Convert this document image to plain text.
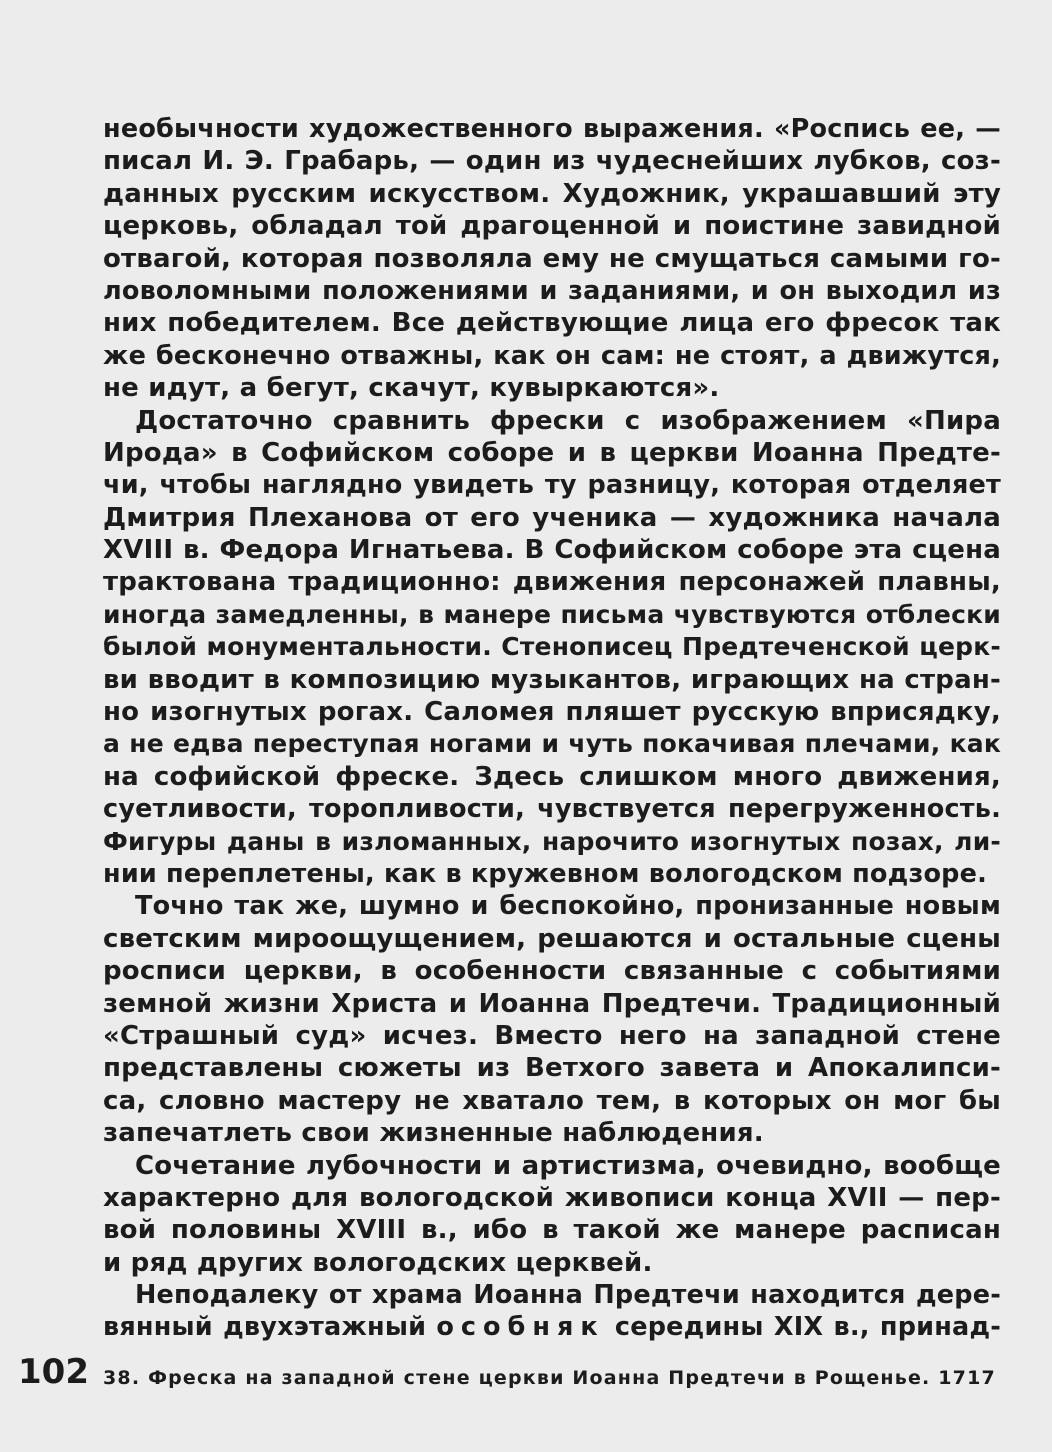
необычности художественного выражения. «Роспись ее, —
писал И. Э. Грабарь, — один из чудеснейших лубков, соз-
данных русским искусством. Художник, украшавший эту
церковь, обладал той драгоценной и поистине завидной
отвагой, которая позволяла ему не смущаться самыми го-
ловоломными положениями и заданиями, и он выходил из
них победителем. Все действующие лица его фресок так
же бесконечно отважны, как он сам: не стоят, а движутся,
не идут, а бегут, скачут, кувыркаются».
Достаточно сравнить фрески с изображением «Пира
Ирода» в Софийском соборе и в церкви Иоанна Предте-
чи, чтобы наглядно увидеть ту разницу, которая отделяет
Дмитрия Плеханова от его ученика — художника начала
XVIII в. Федора Игнатьева. В Софийском соборе эта сцена
трактована традиционно: движения персонажей плавны,
иногда замедленны, в манере письма чувствуются отблески
былой монументальности. Стенописец Предтеченской церк-
ви вводит в композицию музыкантов, играющих на стран-
но изогнутых рогах. Саломея пляшет русскую вприсядку,
а не едва переступая ногами и чуть покачивая плечами, как
на софийской фреске. Здесь слишком много движения,
суетливости, торопливости, чувствуется перегруженность.
Фигуры даны в изломанных, нарочито изогнутых позах, ли-
нии переплетены, как в кружевном вологодском подзоре.
Точно так же, шумно и беспокойно, пронизанные новым
светским мироощущением, решаются и остальные сцены
росписи церкви, в особенности связанные с событиями
земной жизни Христа и Иоанна Предтечи. Традиционный
«Страшный суд» исчез. Вместо него на западной стене
представлены сюжеты из Ветхого завета и Апокалипси-
са, словно мастеру не хватало тем, в которых он мог бы
запечатлеть свои жизненные наблюдения.
Сочетание лубочности и артистизма, очевидно, вообще
характерно для вологодской живописи конца XVII — пер-
вой половины XVIII в., ибо в такой же манере расписан
и ряд других вологодских церквей.
Неподалеку от храма Иоанна Предтечи находится дере-
вянный двухэтажный особняк середины XIX в., принад-
102 38. Фреска на западной стене церкви Иоанна Предтечи в Рощенье. 1717
